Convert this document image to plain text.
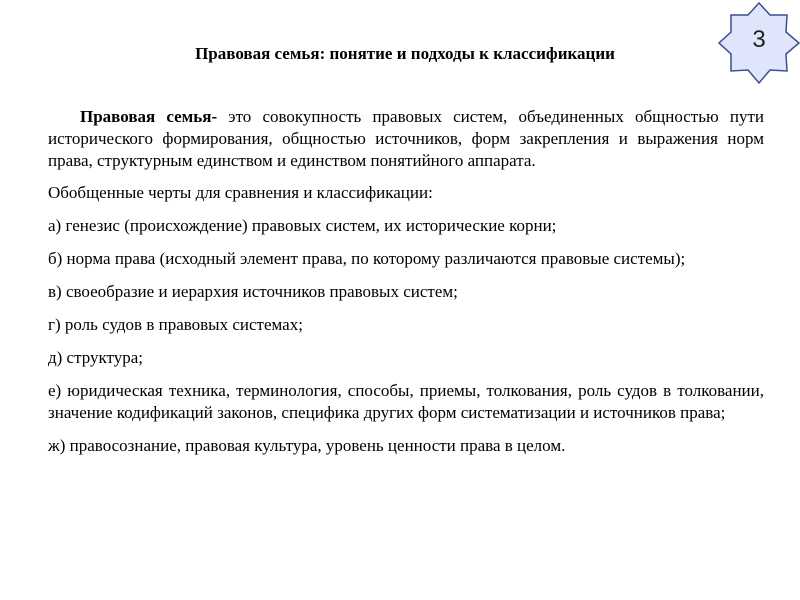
3
Правовая семья: понятие и подходы к классификации

Правовая семья- это совокупность правовых систем, объединенных общностью пути исторического формирования, общностью источников, форм закрепления и выражения норм права, структурным единством и единством понятийного аппарата.

Обобщенные черты для сравнения и классификации:

а) генезис (происхождение) правовых систем, их исторические корни;

б) норма права (исходный элемент права, по которому различаются правовые системы);

в) своеобразие и иерархия источников правовых систем;

г) роль судов в правовых системах;

д) структура;

е) юридическая техника, терминология, способы, приемы, толкования, роль судов в толковании, значение кодификаций законов, специфика других форм систематизации и источников права;

ж) правосознание, правовая культура, уровень ценности права в целом.
